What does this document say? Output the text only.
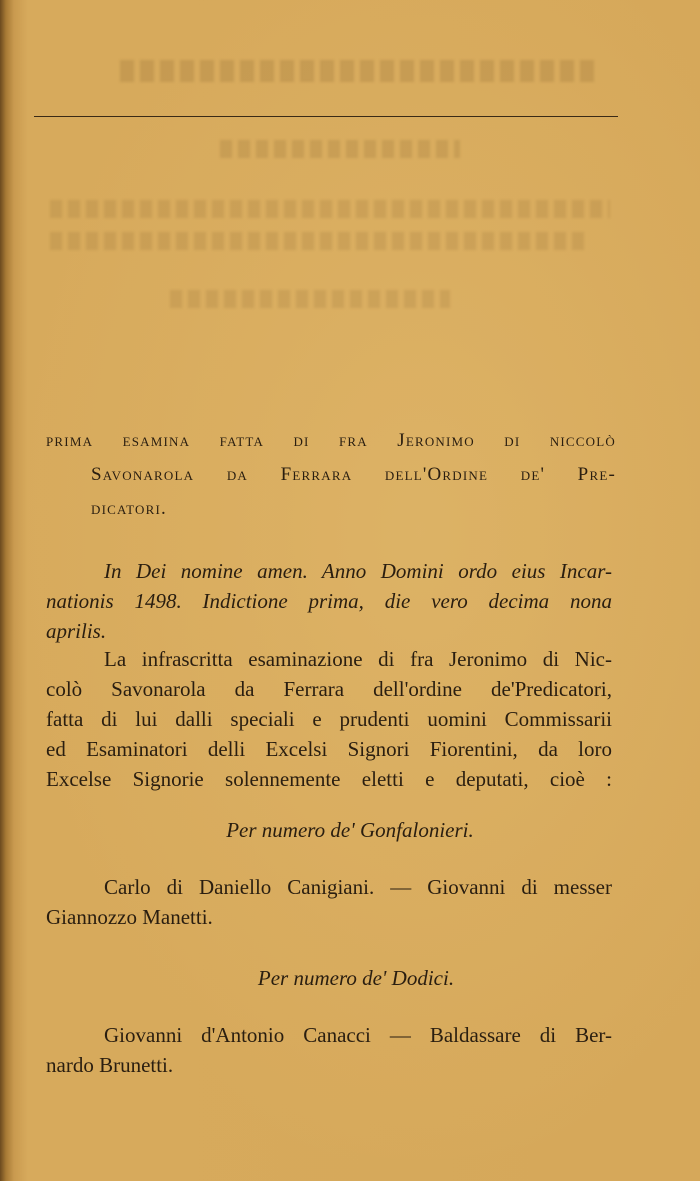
prima esamina fatta di fra Jeronimo di niccolò
Savonarola da Ferrara dell'Ordine de' Pre-
dicatori.
In Dei nomine amen. Anno Domini ordo eius Incar-
nationis 1498. Indictione prima, die vero decima nona
aprilis.
La infrascritta esaminazione di fra Jeronimo di Nic-
colò Savonarola da Ferrara dell'ordine de'Predicatori,
fatta di lui dalli speciali e prudenti uomini Commissarii
ed Esaminatori delli Excelsi Signori Fiorentini, da loro
Excelse Signorie solennemente eletti e deputati, cioè :
Per numero de' Gonfalonieri.
Carlo di Daniello Canigiani. — Giovanni di messer
Giannozzo Manetti.
Per numero de' Dodici.
Giovanni d'Antonio Canacci — Baldassare di Ber-
nardo Brunetti.
